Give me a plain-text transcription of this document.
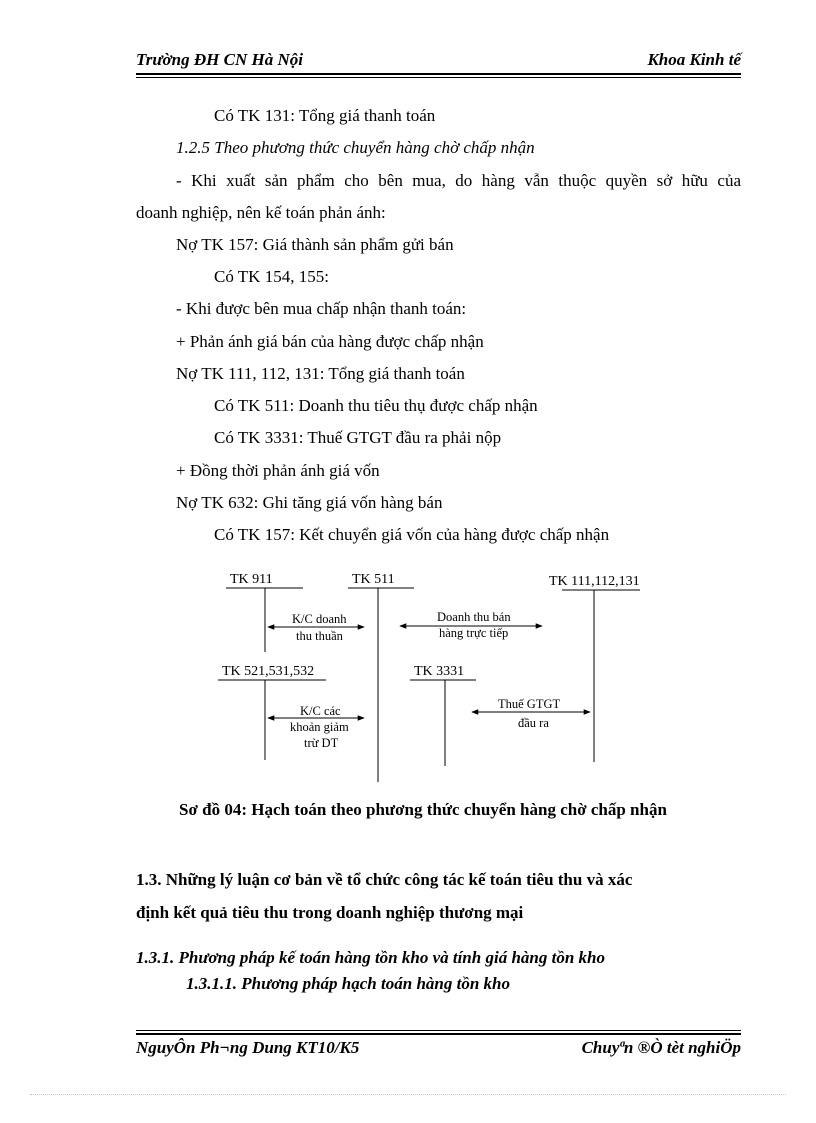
Trường ĐH CN Hà Nội	Khoa Kinh tế
Có TK 131: Tổng giá thanh toán
1.2.5 Theo phương thức chuyển hàng chờ chấp nhận
- Khi xuất sản phẩm cho bên mua, do hàng vẫn thuộc quyền sở hữu của
doanh nghiệp, nên kế toán phản ánh:
Nợ TK 157: Giá thành sản phẩm gửi bán
Có TK 154, 155:
- Khi được bên mua chấp nhận thanh toán:
+ Phản ánh giá bán của hàng được chấp nhận
Nợ TK 111, 112, 131: Tổng giá thanh toán
Có TK 511: Doanh thu tiêu thụ được chấp nhận
Có TK 3331: Thuế GTGT đầu ra phải nộp
+ Đồng thời phản ánh giá vốn
Nợ TK 632: Ghi tăng giá vốn hàng bán
Có TK 157: Kết chuyển giá vốn của hàng được chấp nhận
TK 911	TK 511	TK 111,112,131
TK 521,531,532	TK 3331
K/C doanh
thu thuần
Doanh thu bán
hàng trực tiếp
K/C các
khoản giảm
trừ DT
Thuế GTGT
đầu ra
Sơ đồ 04: Hạch toán theo phương thức chuyển hàng chờ chấp nhận
1.3. Những lý luận cơ bản về tổ chức công tác kế toán tiêu thu và xác
định kết quả tiêu thu trong doanh nghiệp thương mại
1.3.1. Phương pháp kế toán hàng tồn kho và tính giá hàng tồn kho
1.3.1.1. Phương pháp hạch toán hàng tồn kho
NguyÔn Ph¬ng Dung KT10/K5	Chuyªn ®Ò tèt nghiÖp
